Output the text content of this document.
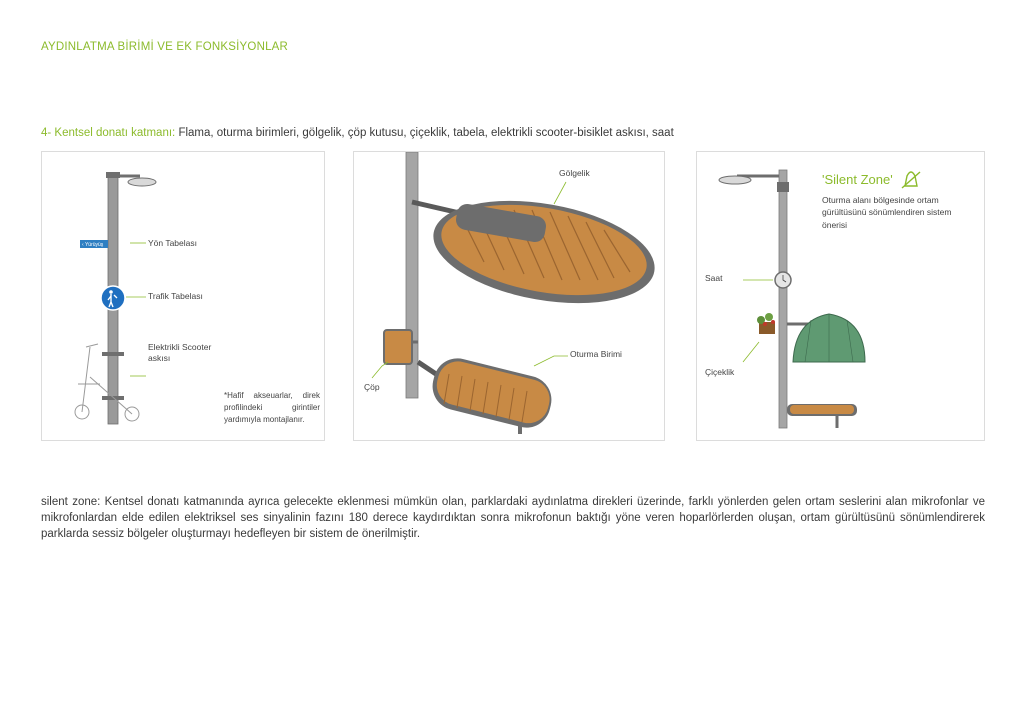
AYDINLATMA BİRİMİ VE EK FONKSİYONLAR
4- Kentsel donatı katmanı: Flama, oturma birimleri, gölgelik, çöp kutusu, çiçeklik, tabela, elektrikli scooter-bisiklet askısı, saat
‹ Yürüyüş	Yön Tabelası
Trafik Tabelası
Elektrikli Scooter askısı
*Hafif akseuarlar, direk profilindeki girintiler yardımıyla montajlanır.
Gölgelik
Oturma Birimi
Çöp
'Silent Zone'
Oturma alanı bölgesinde ortam gürültüsünü sönümlendiren sistem önerisi
Saat
Çiçeklik
silent zone: Kentsel donatı katmanında ayrıca gelecekte eklenmesi mümkün olan, parklardaki aydınlatma direkleri üzerinde, farklı yönlerden gelen ortam seslerini alan mikrofonlar ve mikrofonlardan elde edilen elektriksel ses sinyalinin fazını 180 derece kaydırdıktan sonra mikrofonun baktığı yöne veren hoparlörlerden oluşan, ortam gürültüsünü sönümlendirerek parklarda sessiz bölgeler oluşturmayı hedefleyen bir sistem de önerilmiştir.
